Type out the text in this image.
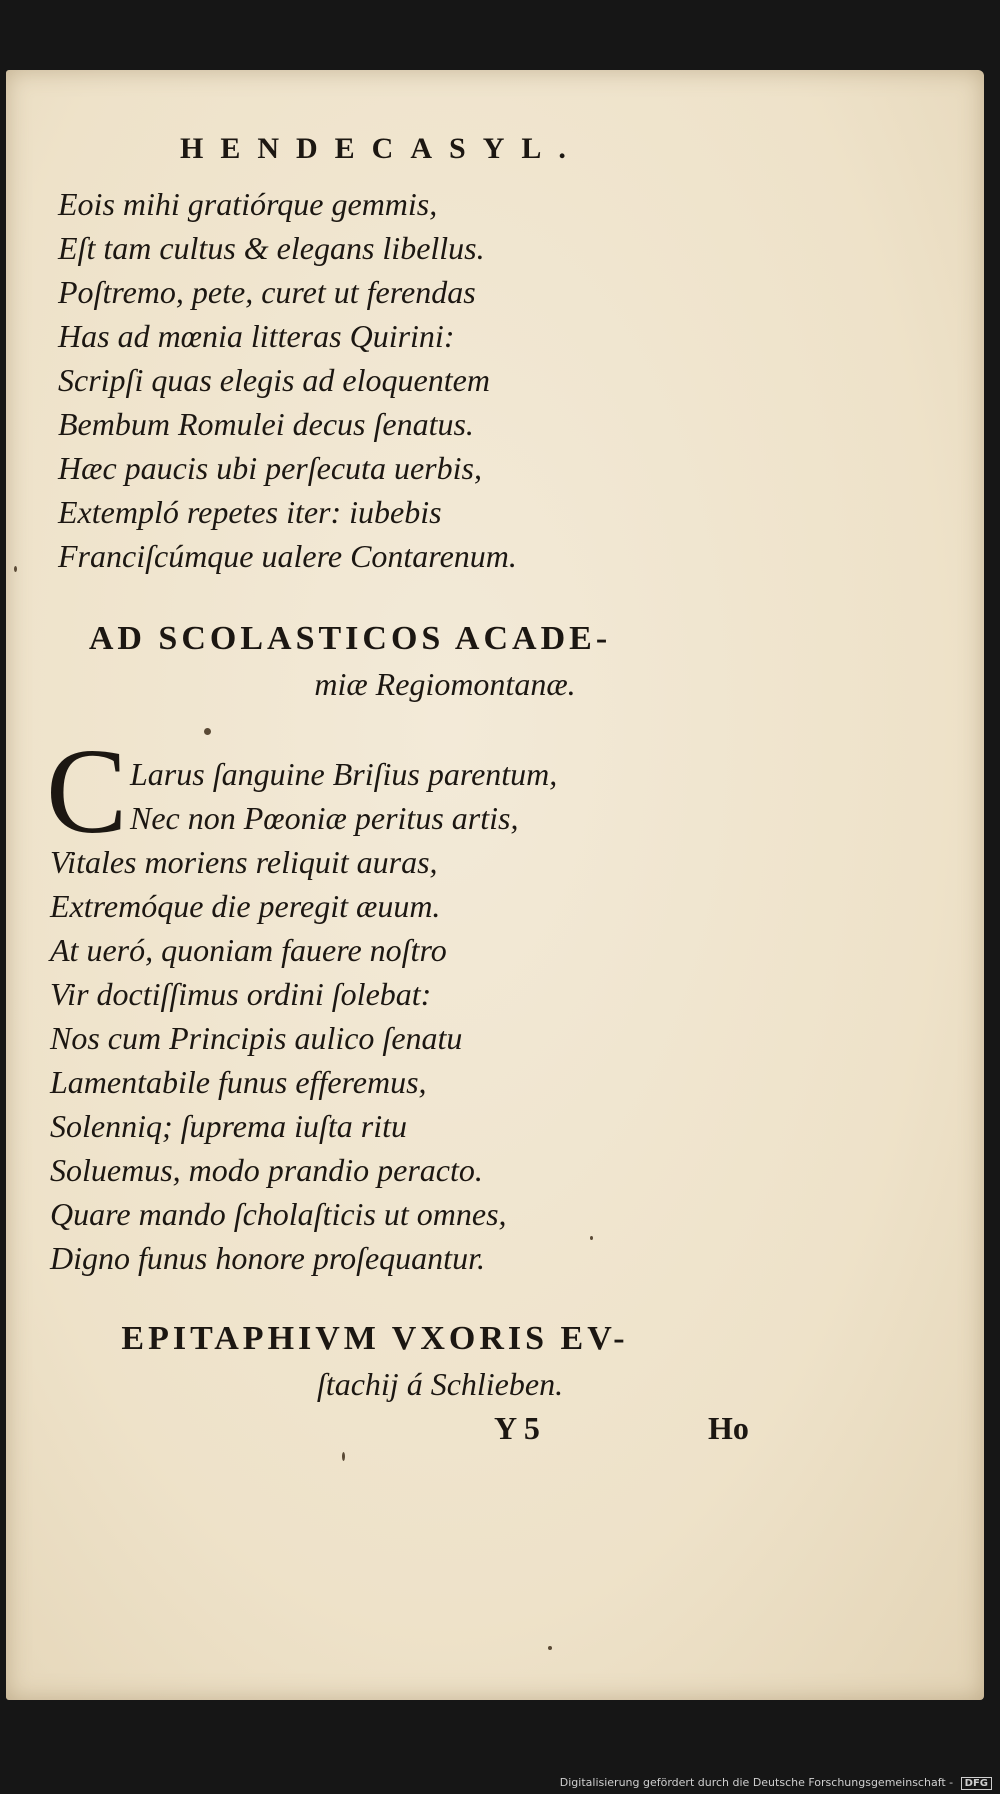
HENDECASYL.
Eois mihi gratiórque gemmis,
Eſt tam cultus & elegans libellus.
Poſtremo, pete, curet ut ferendas
Has ad mœnia litteras Quirini:
Scripſi quas elegis ad eloquentem
Bembum Romulei decus ſenatus.
Hæc paucis ubi perſecuta uerbis,
Extempló repetes iter: iubebis
Franciſcúmque ualere Contarenum.
AD SCOLASTICOS ACADE-
miæ Regiomontanæ.
C Larus ſanguine Briſius parentum,
Nec non Pœoniæ peritus artis,
Vitales moriens reliquit auras,
Extremóque die peregit æuum.
At ueró, quoniam fauere noſtro
Vir doctiſſimus ordini ſolebat:
Nos cum Principis aulico ſenatu
Lamentabile funus efferemus,
Solenniq; ſuprema iuſta ritu
Soluemus, modo prandio peracto.
Quare mando ſcholaſticis ut omnes,
Digno funus honore proſequantur.
EPITAPHIVM VXORIS EV-
ſtachij á Schlieben.
Y 5	Ho
Digitalisierung gefördert durch die Deutsche Forschungsgemeinschaft - DFG
